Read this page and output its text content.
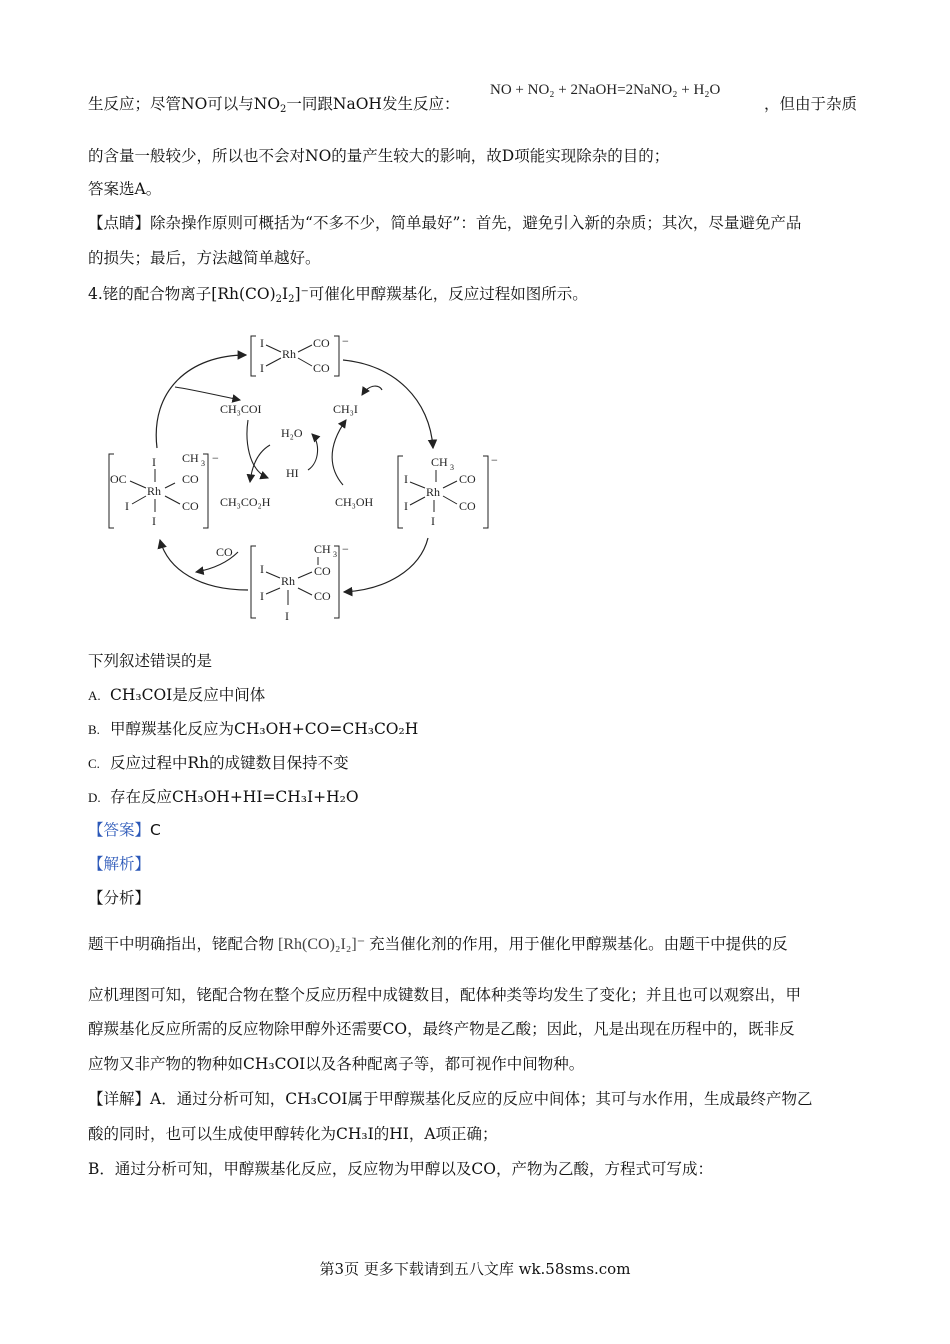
生反应；尽管NO可以与$NO_2$一同跟NaOH发生反应：
NO + NO₂ + 2NaOH=2NaNO₂ + H₂O
，但由于杂质
的含量一般较少，所以也不会对NO的量产生较大的影响，故D项能实现除杂的目的；
答案选A。
【点睛】除杂操作原则可概括为“不多不少，简单最好”：首先，避免引入新的杂质；其次，尽量避免产品
的损失；最后，方法越简单越好。
4.铑的配合物离子$[Rh(CO)_2I_2]^-$可催化甲醇羰基化，反应过程如图所示。
−
I
I
Rh
CO
CO
−
I
Rh
OC
I
I
CH 3
CO
CO
−
CH 3
Rh
I
I
I
CO
CO
−
CH 3
CO
Rh
I
I
I
CO
CH₃COI	CH₃I
H₂O
HI
CH₃CO₂H	CH₃OH
CO
下列叙述错误的是
A. CH₃COI是反应中间体
B. 甲醇羰基化反应为CH₃OH+CO=CH₃CO₂H
C. 反应过程中Rh的成键数目保持不变
D. 存在反应CH₃OH+HI=CH₃I+H₂O
【答案】C
【解析】
【分析】
题干中明确指出，铑配合物 [Rh(CO)₂I₂]⁻ 充当催化剂的作用，用于催化甲醇羰基化。由题干中提供的反
应机理图可知，铑配合物在整个反应历程中成键数目，配体种类等均发生了变化；并且也可以观察出，甲
醇羰基化反应所需的反应物除甲醇外还需要CO，最终产物是乙酸；因此，凡是出现在历程中的，既非反
应物又非产物的物种如CH₃COI以及各种配离子等，都可视作中间物种。
【详解】A．通过分析可知，CH₃COI属于甲醇羰基化反应的反应中间体；其可与水作用，生成最终产物乙
酸的同时，也可以生成使甲醇转化为CH₃I的HI，A项正确；
B．通过分析可知，甲醇羰基化反应，反应物为甲醇以及CO，产物为乙酸，方程式可写成：
第3页 更多下载请到五八文库 wk.58sms.com
